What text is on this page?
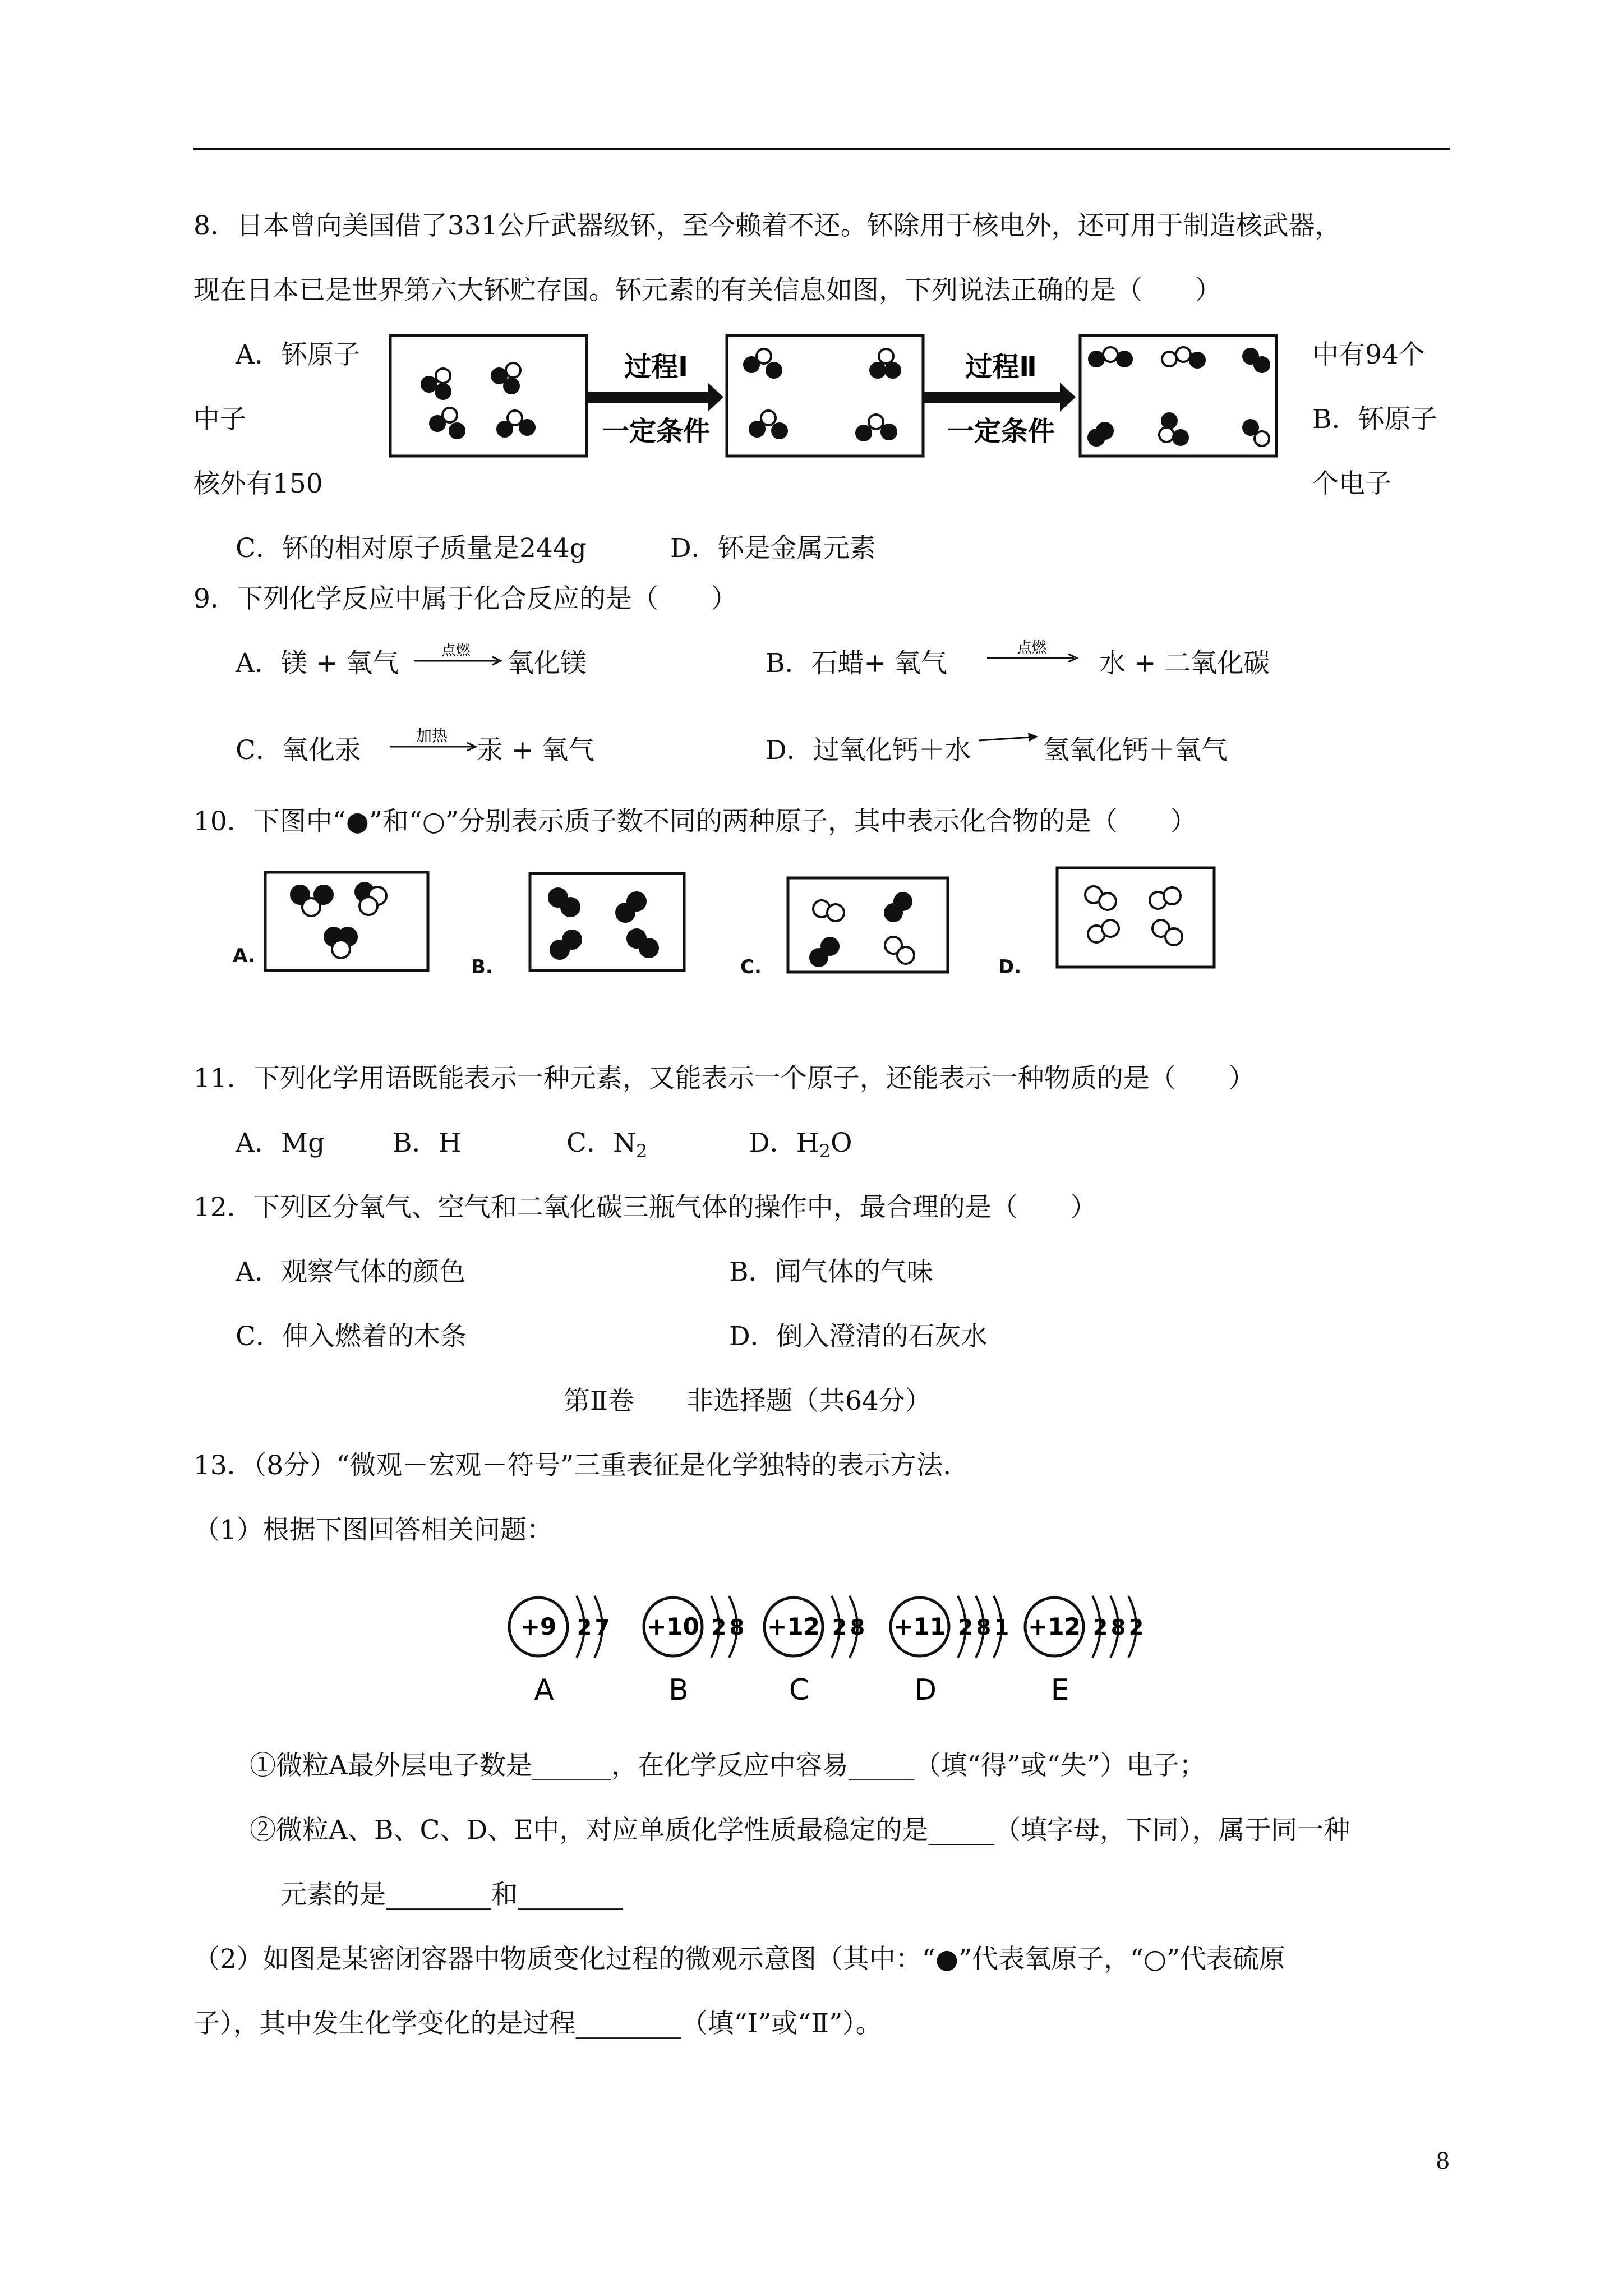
8．日本曾向美国借了331公斤武器级钚，至今赖着不还。钚除用于核电外，还可用于制造核武器，
现在日本已是世界第六大钚贮存国。钚元素的有关信息如图，下列说法正确的是（　　）
A．钚原子
中子
核外有150
中有94个
B．钚原子
个电子
过程Ⅰ
一定条件
过程Ⅱ
一定条件
C．钚的相对原子质量是244g	D．钚是金属元素
9．下列化学反应中属于化合反应的是（　　）
A．镁 + 氧气	点燃 氧化镁	B．石蜡+ 氧气	点燃 水 + 二氧化碳
C．氧化汞	加热 汞 + 氧气	D．过氧化钙＋水	氢氧化钙＋氧气
10．下图中“●”和“○”分别表示质子数不同的两种原子，其中表示化合物的是（　　）
A.	B.	C.	D.
11．下列化学用语既能表示一种元素，又能表示一个原子，还能表示一种物质的是（　　）
A．Mg	B．H	C．$N_2$	D．$H_2O$
12．下列区分氧气、空气和二氧化碳三瓶气体的操作中，最合理的是（　　）
A．观察气体的颜色	B．闻气体的气味
C．伸入燃着的木条	D．倒入澄清的石灰水
第Ⅱ卷　　非选择题（共64分）
13．（8分）“微观－宏观－符号”三重表征是化学独特的表示方法.
（1）根据下图回答相关问题：
+9 2 7
A
+10 2 8
B
+12 2 8
C
+11 2 8 1
D
+12 2 8 2
E
①微粒A最外层电子数是______，在化学反应中容易_____（填“得”或“失”）电子；
②微粒A、B、C、D、E中，对应单质化学性质最稳定的是_____（填字母，下同），属于同一种
元素的是________和________
（2）如图是某密闭容器中物质变化过程的微观示意图（其中：“●”代表氧原子，“○”代表硫原
子），其中发生化学变化的是过程________（填“Ⅰ”或“Ⅱ”）。
8
